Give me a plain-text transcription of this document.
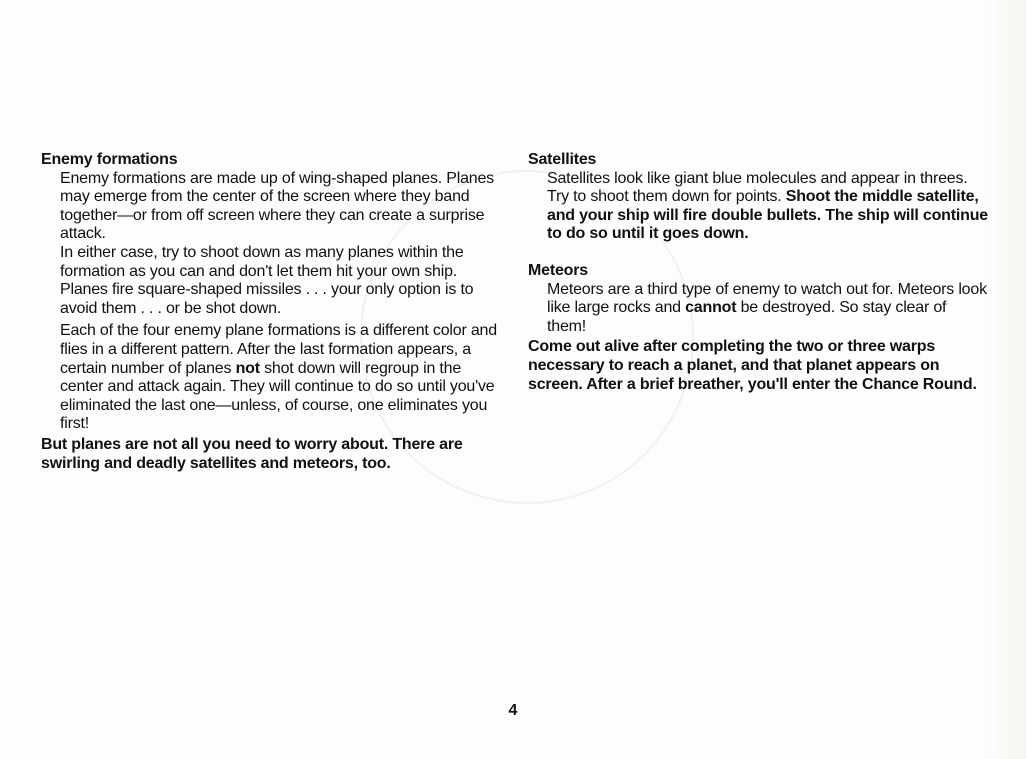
Enemy formations

Enemy formations are made up of wing-shaped planes. Planes may emerge from the center of the screen where they band together—or from off screen where they can create a surprise attack.

In either case, try to shoot down as many planes within the formation as you can and don't let them hit your own ship. Planes fire square-shaped missiles . . . your only option is to avoid them . . . or be shot down.

Each of the four enemy plane formations is a different color and flies in a different pattern. After the last formation appears, a certain number of planes not shot down will regroup in the center and attack again. They will continue to do so until you've eliminated the last one—unless, of course, one eliminates you first!

But planes are not all you need to worry about. There are swirling and deadly satellites and meteors, too.

Satellites

Satellites look like giant blue molecules and appear in threes. Try to shoot them down for points. Shoot the middle satellite, and your ship will fire double bullets. The ship will continue to do so until it goes down.

Meteors

Meteors are a third type of enemy to watch out for. Meteors look like large rocks and cannot be destroyed. So stay clear of them!

Come out alive after completing the two or three warps necessary to reach a planet, and that planet appears on screen. After a brief breather, you'll enter the Chance Round.

4
